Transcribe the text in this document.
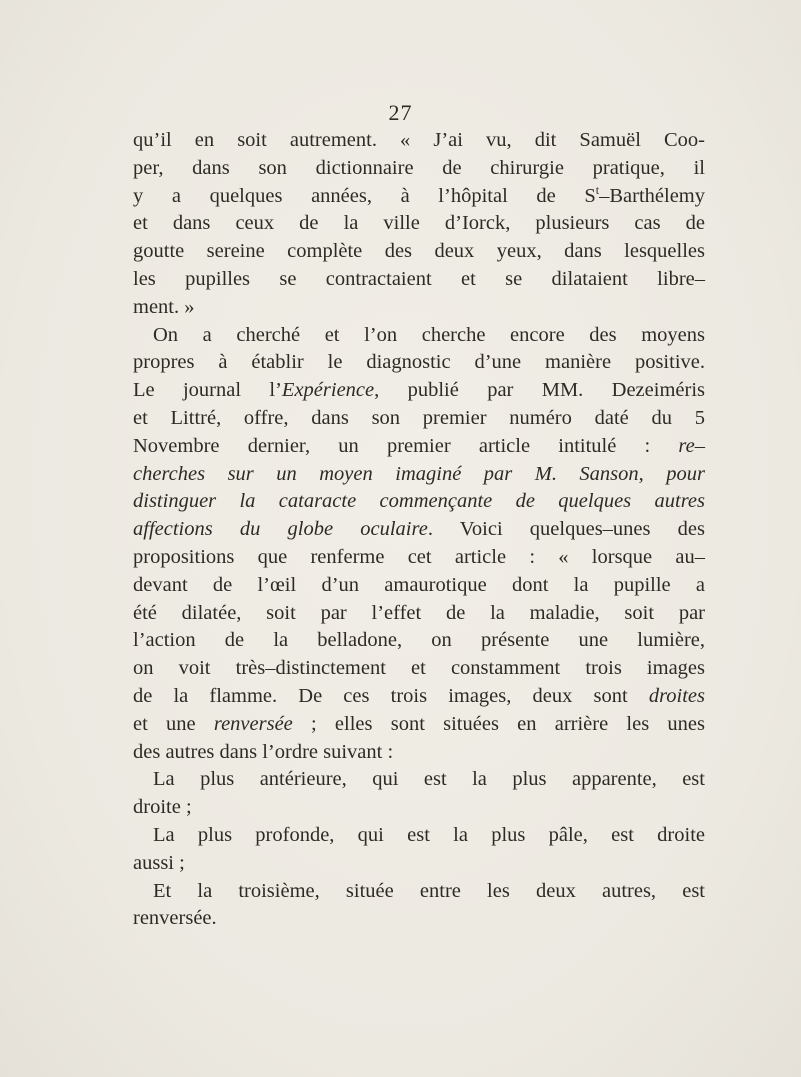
27
qu’il en soit autrement. « J’ai vu, dit Samuël Coo-
per, dans son dictionnaire de chirurgie pratique, il
y a quelques années, à l’hôpital de $S^t$–Barthélemy
et dans ceux de la ville d’Iorck, plusieurs cas de
goutte sereine complète des deux yeux, dans lesquelles
les pupilles se contractaient et se dilataient libre–
ment. »
On a cherché et l’on cherche encore des moyens
propres à établir le diagnostic d’une manière positive.
Le journal l’Expérience, publié par MM. Dezeiméris
et Littré, offre, dans son premier numéro daté du 5
Novembre dernier, un premier article intitulé : re–
cherches sur un moyen imaginé par M. Sanson, pour
distinguer la cataracte commençante de quelques autres
affections du globe oculaire. Voici quelques–unes des
propositions que renferme cet article : « lorsque au–
devant de l’œil d’un amaurotique dont la pupille a
été dilatée, soit par l’effet de la maladie, soit par
l’action de la belladone, on présente une lumière,
on voit très–distinctement et constamment trois images
de la flamme. De ces trois images, deux sont droites
et une renversée ; elles sont situées en arrière les unes
des autres dans l’ordre suivant :
La plus antérieure, qui est la plus apparente, est
droite ;
La plus profonde, qui est la plus pâle, est droite
aussi ;
Et la troisième, située entre les deux autres, est
renversée.
